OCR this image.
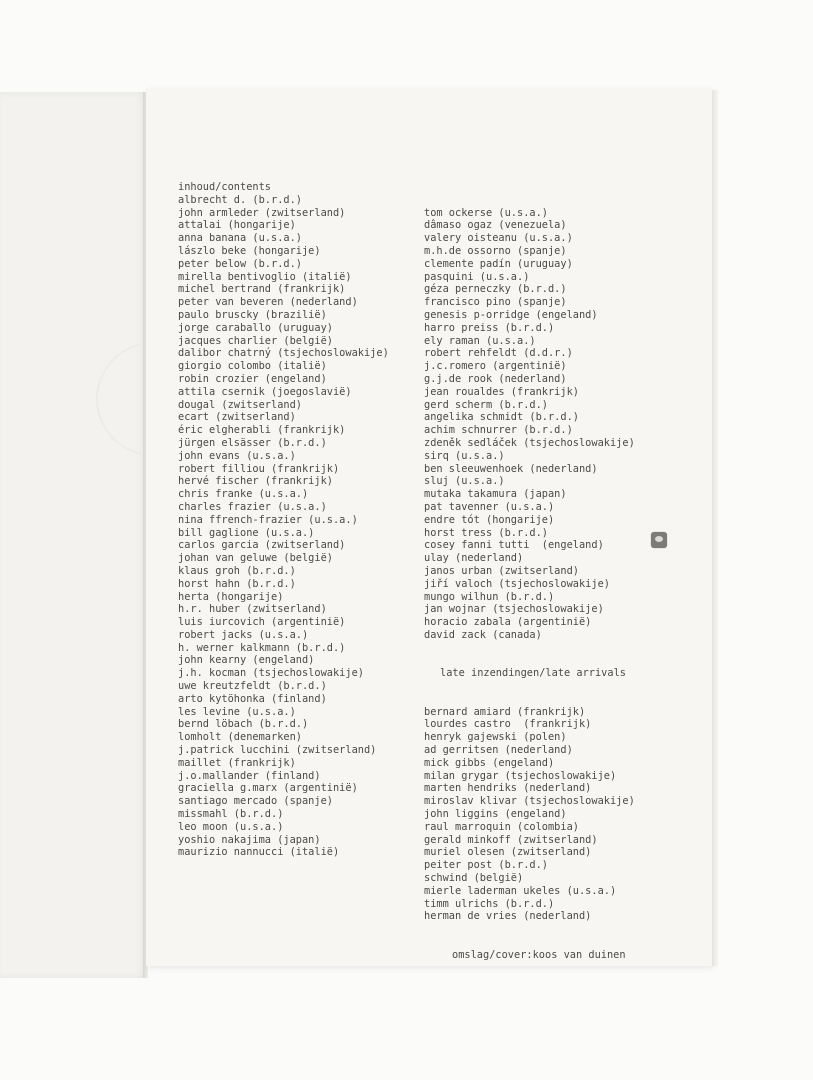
inhoud/contents
albrecht d. (b.r.d.)
john armleder (zwitserland)
attalai (hongarije)
anna banana (u.s.a.)
lászlo beke (hongarije)
peter below (b.r.d.)
mirella bentivoglio (italië)
michel bertrand (frankrijk)
peter van beveren (nederland)
paulo bruscky (brazilië)
jorge caraballo (uruguay)
jacques charlier (belgië)
dalibor chatrný (tsjechoslowakije)
giorgio colombo (italië)
robin crozier (engeland)
attila csernik (joegoslavië)
dougal (zwitserland)
ecart (zwitserland)
éric elgherabli (frankrijk)
jürgen elsässer (b.r.d.)
john evans (u.s.a.)
robert filliou (frankrijk)
hervé fischer (frankrijk)
chris franke (u.s.a.)
charles frazier (u.s.a.)
nina ffrench-frazier (u.s.a.)
bill gaglione (u.s.a.)
carlos garcia (zwitserland)
johan van geluwe (belgië)
klaus groh (b.r.d.)
horst hahn (b.r.d.)
herta (hongarije)
h.r. huber (zwitserland)
luis iurcovich (argentinië)
robert jacks (u.s.a.)
h. werner kalkmann (b.r.d.)
john kearny (engeland)
j.h. kocman (tsjechoslowakije)
uwe kreutzfeldt (b.r.d.)
arto kytöhonka (finland)
les levine (u.s.a.)
bernd löbach (b.r.d.)
lomholt (denemarken)
j.patrick lucchini (zwitserland)
maillet (frankrijk)
j.o.mallander (finland)
graciella g.marx (argentinië)
santiago mercado (spanje)
missmahl (b.r.d.)
leo moon (u.s.a.)
yoshio nakajima (japan)
maurizio nannucci (italië)

tom ockerse (u.s.a.)
dâmaso ogaz (venezuela)
valery oisteanu (u.s.a.)
m.h.de ossorno (spanje)
clemente padín (uruguay)
pasquini (u.s.a.)
géza perneczky (b.r.d.)
francisco pino (spanje)
genesis p-orridge (engeland)
harro preiss (b.r.d.)
ely raman (u.s.a.)
robert rehfeldt (d.d.r.)
j.c.romero (argentinië)
g.j.de rook (nederland)
jean roualdes (frankrijk)
gerd scherm (b.r.d.)
angelika schmidt (b.r.d.)
achim schnurrer (b.r.d.)
zdeněk sedláček (tsjechoslowakije)
sirq (u.s.a.)
ben sleeuwenhoek (nederland)
sluj (u.s.a.)
mutaka takamura (japan)
pat tavenner (u.s.a.)
endre tót (hongarije)
horst tress (b.r.d.)
cosey fanni tutti  (engeland)
ulay (nederland)
janos urban (zwitserland)
jiří valoch (tsjechoslowakije)
mungo wilhun (b.r.d.)
jan wojnar (tsjechoslowakije)
horacio zabala (argentinië)
david zack (canada)

late inzendingen/late arrivals

bernard amiard (frankrijk)
lourdes castro  (frankrijk)
henryk gajewski (polen)
ad gerritsen (nederland)
mick gibbs (engeland)
milan grygar (tsjechoslowakije)
marten hendriks (nederland)
miroslav klivar (tsjechoslowakije)
john liggins (engeland)
raul marroquin (colombia)
gerald minkoff (zwitserland)
muriel olesen (zwitserland)
peiter post (b.r.d.)
schwind (belgië)
mierle laderman ukeles (u.s.a.)
timm ulrichs (b.r.d.)
herman de vries (nederland)

omslag/cover:koos van duinen
